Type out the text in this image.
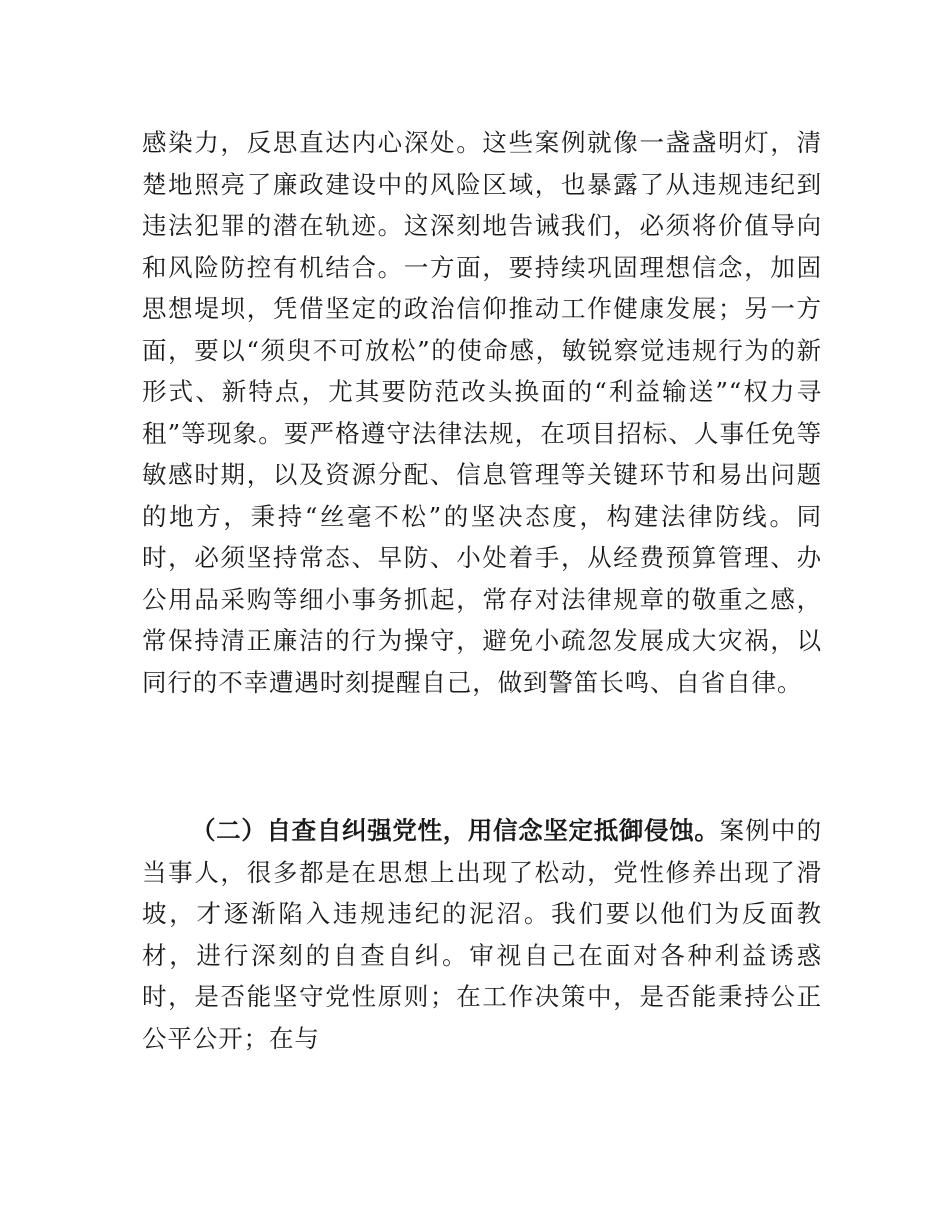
感染力，反思直达内心深处。这些案例就像一盏盏明灯，清楚地照亮了廉政建设中的风险区域，也暴露了从违规违纪到违法犯罪的潜在轨迹。这深刻地告诫我们，必须将价值导向和风险防控有机结合。一方面，要持续巩固理想信念，加固思想堤坝，凭借坚定的政治信仰推动工作健康发展；另一方面，要以“须臾不可放松”的使命感，敏锐察觉违规行为的新形式、新特点，尤其要防范改头换面的“利益输送”“权力寻租”等现象。要严格遵守法律法规，在项目招标、人事任免等敏感时期，以及资源分配、信息管理等关键环节和易出问题的地方，秉持“丝毫不松”的坚决态度，构建法律防线。同时，必须坚持常态、早防、小处着手，从经费预算管理、办公用品采购等细小事务抓起，常存对法律规章的敬重之感，常保持清正廉洁的行为操守，避免小疏忽发展成大灾祸，以同行的不幸遭遇时刻提醒自己，做到警笛长鸣、自省自律。

（二）自查自纠强党性，用信念坚定抵御侵蚀。案例中的当事人，很多都是在思想上出现了松动，党性修养出现了滑坡，才逐渐陷入违规违纪的泥沼。我们要以他们为反面教材，进行深刻的自查自纠。审视自己在面对各种利益诱惑时，是否能坚守党性原则；在工作决策中，是否能秉持公正公平公开；在与
